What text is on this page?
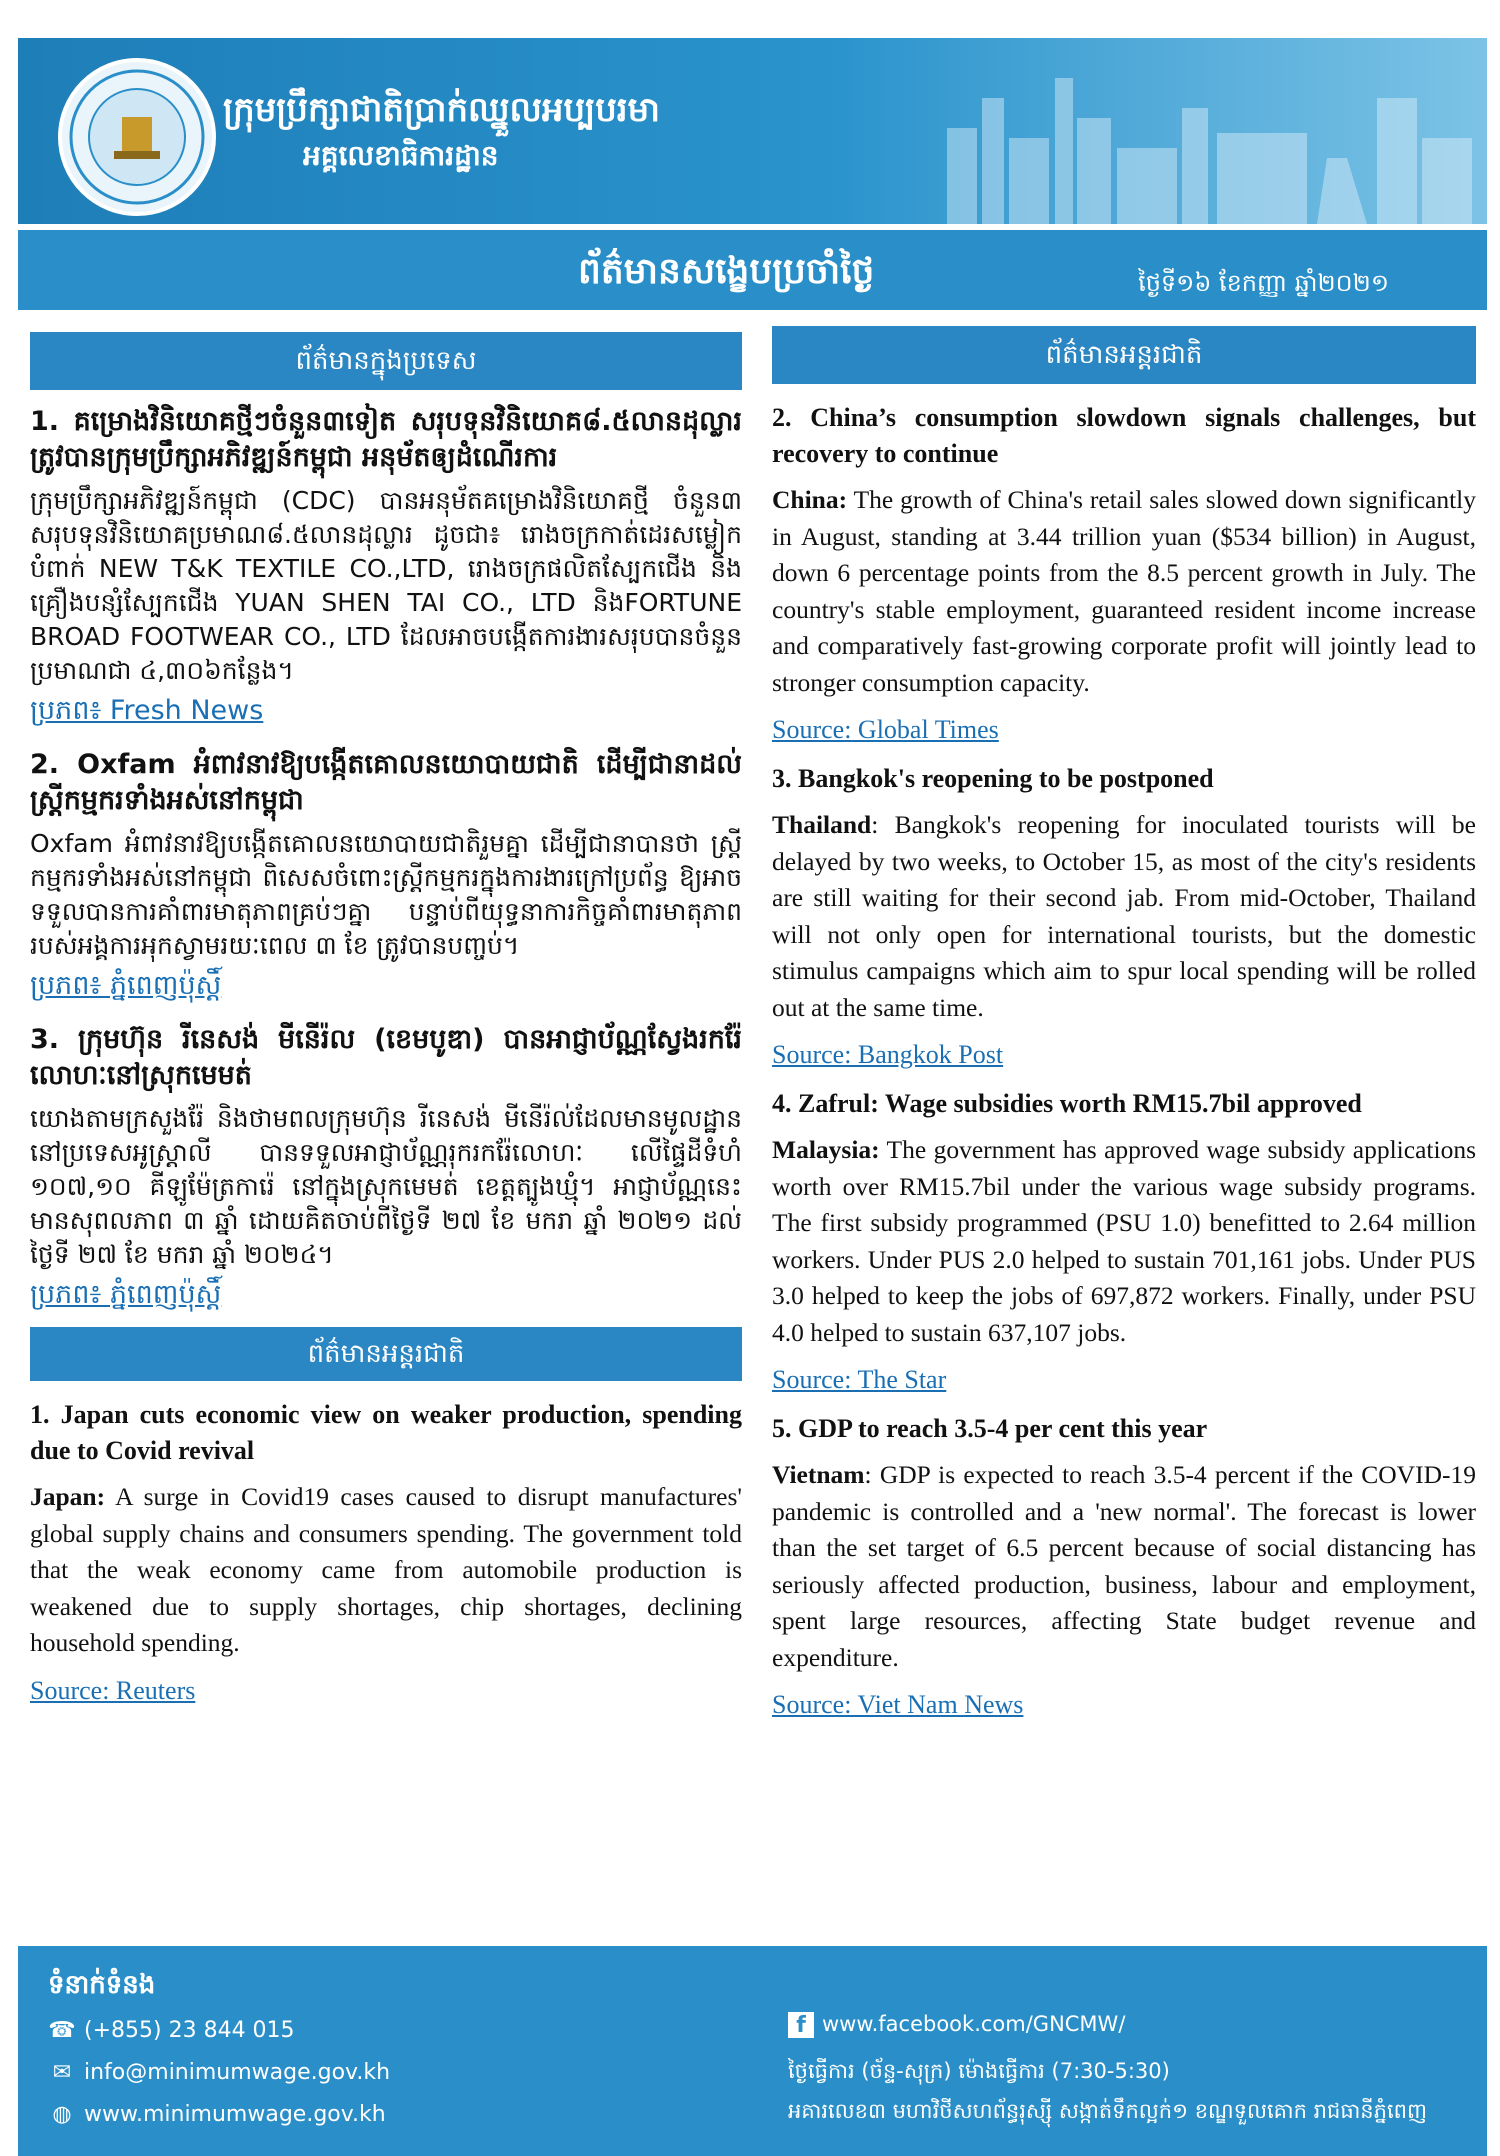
ក្រុមប្រឹក្សាជាតិប្រាក់ឈ្នួលអប្បបរមា
អគ្គលេខាធិការដ្ឋាន
ព័ត៌មានសង្ខេបប្រចាំថ្ងៃ	ថ្ងៃទី១៦ ខែកញ្ញា ឆ្នាំ២០២១
ព័ត៌មានក្នុងប្រទេស
1. គម្រោងវិនិយោគថ្មីៗចំនួន៣ទៀត សរុបទុនវិនិយោគ៨.៥លានដុល្លារ ត្រូវបានក្រុមប្រឹក្សាអភិវឌ្ឍន៍កម្ពុជា អនុម័តឲ្យដំណើរការ

ក្រុមប្រឹក្សាអភិវឌ្ឍន៍កម្ពុជា (CDC) បានអនុម័តគម្រោងវិនិយោគថ្មី ចំនួន៣ សរុបទុនវិនិយោគប្រមាណ៨.៥លានដុល្លារ ដូចជា៖ រោងចក្រកាត់ដេរសម្លៀកបំពាក់ NEW T&K TEXTILE CO.,LTD, រោងចក្រផលិតស្បែកជើង និងគ្រឿងបន្សំស្បែកជើង YUAN SHEN TAI CO., LTD និងFORTUNE BROAD FOOTWEAR CO., LTD ដែលអាចបង្កើតការងារសរុបបានចំនួនប្រមាណជា ៤,៣០៦កន្លែង។

ប្រភព៖ Fresh News
2. Oxfam អំពាវនាវឱ្យបង្កើតគោលនយោបាយជាតិ ដើម្បីជានាដល់ស្ត្រីកម្មករទាំងអស់នៅកម្ពុជា

Oxfam អំពាវនាវឱ្យបង្កើតគោលនយោបាយជាតិរួមគ្នា ដើម្បីជានាបានថា ស្ត្រីកម្មករទាំងអស់នៅកម្ពុជា ពិសេសចំពោះស្ត្រីកម្មករក្នុងការងារក្រៅប្រព័ន្ធ ឱ្យអាចទទួលបានការគាំពារមាតុភាពគ្រប់ៗគ្នា បន្ទាប់ពីយុទ្ធនាការកិច្ចគាំពារមាតុភាពរបស់អង្គការអុកស្វាមរយៈពេល ៣ ខែ ត្រូវបានបញ្ចប់។

ប្រភព៖ ភ្នំពេញប៉ុស្តិ៍
3. ក្រុមហ៊ុន រីនេសង់ មីនើរ៉ល (ខេមបូឌា) បានអាជ្ញាប័ណ្ណស្វែងរករ៉ែលោហៈនៅស្រុកមេមត់

យោងតាមក្រសួងរ៉ែ និងថាមពលក្រុមហ៊ុន រីនេសង់ មីនើរ៉ល់ដែលមានមូលដ្ឋាននៅប្រទេសអូស្ត្រាលី បានទទួលអាជ្ញាប័ណ្ណរុករករ៉ែលោហៈ លើផ្ទៃដីទំហំ ១០៧,១០ គីឡូម៉ែត្រការ៉េ នៅក្នុងស្រុកមេមត់ ខេត្តត្បូងឃ្មុំ។ អាជ្ញាប័ណ្ណនេះមានសុពលភាព ៣ ឆ្នាំ ដោយគិតចាប់ពីថ្ងៃទី ២៧ ខែ មករា ឆ្នាំ ២០២១ ដល់ថ្ងៃទី ២៧ ខែ មករា ឆ្នាំ ២០២៤។

ប្រភព៖ ភ្នំពេញប៉ុស្តិ៍
ព័ត៌មានអន្តរជាតិ
1. Japan cuts economic view on weaker production, spending due to Covid revival

Japan: A surge in Covid19 cases caused to disrupt manufactures' global supply chains and consumers spending. The government told that the weak economy came from automobile production is weakened due to supply shortages, chip shortages, declining household spending.

Source: Reuters
ព័ត៌មានអន្តរជាតិ
2. China’s consumption slowdown signals challenges, but recovery to continue

China: The growth of China's retail sales slowed down significantly in August, standing at 3.44 trillion yuan ($534 billion) in August, down 6 percentage points from the 8.5 percent growth in July. The country's stable employment, guaranteed resident income increase and comparatively fast-growing corporate profit will jointly lead to stronger consumption capacity.

Source: Global Times
3. Bangkok's reopening to be postponed

Thailand: Bangkok's reopening for inoculated tourists will be delayed by two weeks, to October 15, as most of the city's residents are still waiting for their second jab. From mid-October, Thailand will not only open for international tourists, but the domestic stimulus campaigns which aim to spur local spending will be rolled out at the same time.

Source: Bangkok Post
4. Zafrul: Wage subsidies worth RM15.7bil approved

Malaysia: The government has approved wage subsidy applications worth over RM15.7bil under the various wage subsidy programs. The first subsidy programmed (PSU 1.0) benefitted to 2.64 million workers. Under PUS 2.0 helped to sustain 701,161 jobs. Under PUS 3.0 helped to keep the jobs of 697,872 workers. Finally, under PSU 4.0 helped to sustain 637,107 jobs.

Source: The Star
5. GDP to reach 3.5-4 per cent this year

Vietnam: GDP is expected to reach 3.5-4 percent if the COVID-19 pandemic is controlled and a 'new normal'. The forecast is lower than the set target of 6.5 percent because of social distancing has seriously affected production, business, labour and employment, spent large resources, affecting State budget revenue and expenditure.

Source: Viet Nam News
ទំនាក់ទំនង
☎ (+855) 23 844 015
✉ info@minimumwage.gov.kh
◍ www.minimumwage.gov.kh
f www.facebook.com/GNCMW/
ថ្ងៃធ្វើការ (ច័ន្ទ-សុក្រ) ម៉ោងធ្វើការ (7:30-5:30)
អគារលេខ៣ មហាវិថីសហព័ន្ធរុស្ស៊ី សង្កាត់ទឹកល្អក់១ ខណ្ឌទួលគោក រាជធានីភ្នំពេញ
